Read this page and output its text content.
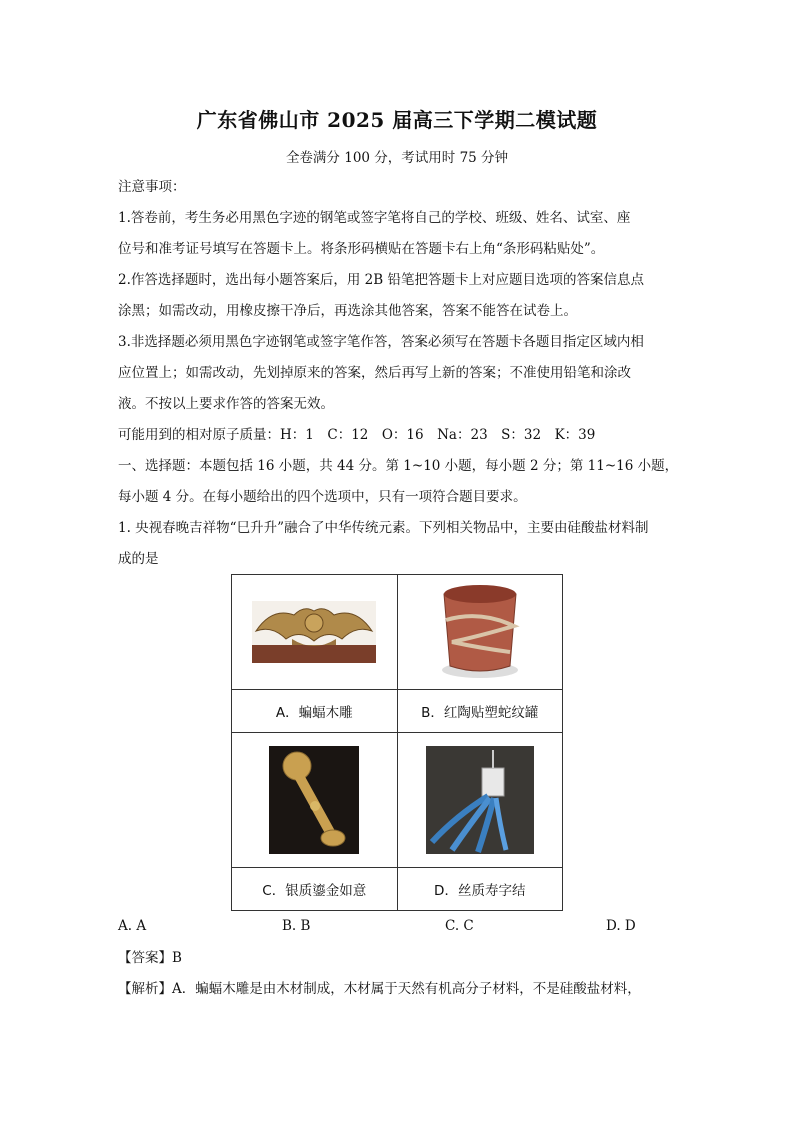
广东省佛山市 2025 届高三下学期二模试题
全卷满分 100 分，考试用时 75 分钟
注意事项：
1.答卷前，考生务必用黑色字迹的钢笔或签字笔将自己的学校、班级、姓名、试室、座
位号和准考证号填写在答题卡上。将条形码横贴在答题卡右上角“条形码粘贴处”。
2.作答选择题时，选出每小题答案后，用 2B 铅笔把答题卡上对应题目选项的答案信息点
涂黑；如需改动，用橡皮擦干净后，再选涂其他答案，答案不能答在试卷上。
3.非选择题必须用黑色字迹钢笔或签字笔作答，答案必须写在答题卡各题目指定区域内相
应位置上；如需改动，先划掉原来的答案，然后再写上新的答案；不准使用铅笔和涂改
液。不按以上要求作答的答案无效。
可能用到的相对原子质量：H：1　C：12　O：16　Na：23　S：32　K：39
一、选择题：本题包括 16 小题，共 44 分。第 1~10 小题，每小题 2 分；第 11~16 小题，
每小题 4 分。在每小题给出的四个选项中，只有一项符合题目要求。
1. 央视春晚吉祥物“巳升升”融合了中华传统元素。下列相关物品中，主要由硅酸盐材料制
成的是

A．蝙蝠木雕	B．红陶贴塑蛇纹罐

C．银质鎏金如意	D．丝质寿字结
A. A	B. B	C. C	D. D
【答案】B
【解析】A．蝙蝠木雕是由木材制成，木材属于天然有机高分子材料，不是硅酸盐材料，
